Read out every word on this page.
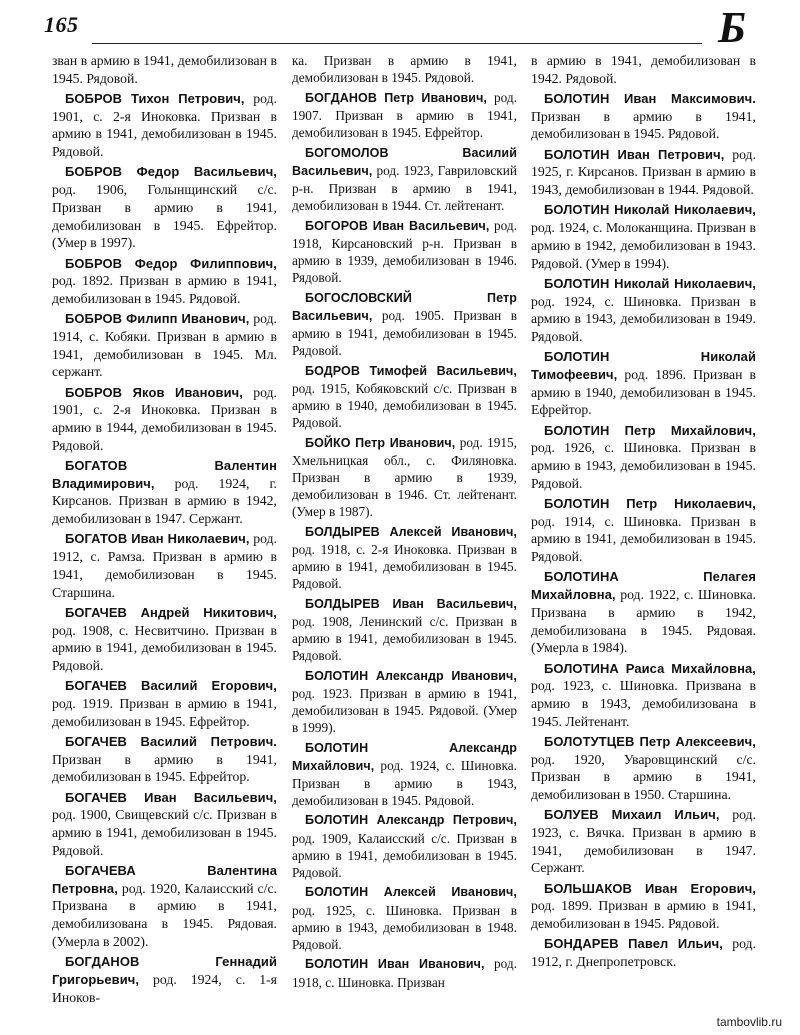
165	Б

зван в армию в 1941, демобилизован в 1945. Рядовой.

БОБРОВ Тихон Петрович, род. 1901, с. 2-я Иноковка. Призван в армию в 1941, демобилизован в 1945. Рядовой.

БОБРОВ Федор Васильевич, род. 1906, Голынщинский с/с. Призван в армию в 1941, демобилизован в 1945. Ефрейтор. (Умер в 1997).

БОБРОВ Федор Филиппович, род. 1892. Призван в армию в 1941, демобилизован в 1945. Рядовой.

БОБРОВ Филипп Иванович, род. 1914, с. Кобяки. Призван в армию в 1941, демобилизован в 1945. Мл. сержант.

БОБРОВ Яков Иванович, род. 1901, с. 2-я Иноковка. Призван в армию в 1944, демобилизован в 1945. Рядовой.

БОГАТОВ Валентин Владимирович, род. 1924, г. Кирсанов. Призван в армию в 1942, демобилизован в 1947. Сержант.

БОГАТОВ Иван Николаевич, род. 1912, с. Рамза. Призван в армию в 1941, демобилизован в 1945. Старшина.

БОГАЧЕВ Андрей Никитович, род. 1908, с. Несвитчино. Призван в армию в 1941, демобилизован в 1945. Рядовой.

БОГАЧЕВ Василий Егорович, род. 1919. Призван в армию в 1941, демобилизован в 1945. Ефрейтор.

БОГАЧЕВ Василий Петрович. Призван в армию в 1941, демобилизован в 1945. Ефрейтор.

БОГАЧЕВ Иван Васильевич, род. 1900, Свищевский с/с. Призван в армию в 1941, демобилизован в 1945. Рядовой.

БОГАЧЕВА Валентина Петровна, род. 1920, Калаисский с/с. Призвана в армию в 1941, демобилизована в 1945. Рядовая. (Умерла в 2002).

БОГДАНОВ Геннадий Григорьевич, род. 1924, с. 1-я Иноков-

ка. Призван в армию в 1941, демобилизован в 1945. Рядовой.

БОГДАНОВ Петр Иванович, род. 1907. Призван в армию в 1941, демобилизован в 1945. Ефрейтор.

БОГОМОЛОВ Василий Васильевич, род. 1923, Гавриловский р-н. Призван в армию в 1941, демобилизован в 1944. Ст. лейтенант.

БОГОРОВ Иван Васильевич, род. 1918, Кирсановский р-н. Призван в армию в 1939, демобилизован в 1946. Рядовой.

БОГОСЛОВСКИЙ Петр Васильевич, род. 1905. Призван в армию в 1941, демобилизован в 1945. Рядовой.

БОДРОВ Тимофей Васильевич, род. 1915, Кобяковский с/с. Призван в армию в 1940, демобилизован в 1945. Рядовой.

БОЙКО Петр Иванович, род. 1915, Хмельницкая обл., с. Филяновка. Призван в армию в 1939, демобилизован в 1946. Ст. лейтенант. (Умер в 1987).

БОЛДЫРЕВ Алексей Иванович, род. 1918, с. 2-я Иноковка. Призван в армию в 1941, демобилизован в 1945. Рядовой.

БОЛДЫРЕВ Иван Васильевич, род. 1908, Ленинский с/с. Призван в армию в 1941, демобилизован в 1945. Рядовой.

БОЛОТИН Александр Иванович, род. 1923. Призван в армию в 1941, демобилизован в 1945. Рядовой. (Умер в 1999).

БОЛОТИН Александр Михайлович, род. 1924, с. Шиновка. Призван в армию в 1943, демобилизован в 1945. Рядовой.

БОЛОТИН Александр Петрович, род. 1909, Калаисский с/с. Призван в армию в 1941, демобилизован в 1945. Рядовой.

БОЛОТИН Алексей Иванович, род. 1925, с. Шиновка. Призван в армию в 1943, демобилизован в 1948. Рядовой.

БОЛОТИН Иван Иванович, род. 1918, с. Шиновка. Призван

в армию в 1941, демобилизован в 1942. Рядовой.

БОЛОТИН Иван Максимович. Призван в армию в 1941, демобилизован в 1945. Рядовой.

БОЛОТИН Иван Петрович, род. 1925, г. Кирсанов. Призван в армию в 1943, демобилизован в 1944. Рядовой.

БОЛОТИН Николай Николаевич, род. 1924, с. Молоканщина. Призван в армию в 1942, демобилизован в 1943. Рядовой. (Умер в 1994).

БОЛОТИН Николай Николаевич, род. 1924, с. Шиновка. Призван в армию в 1943, демобилизован в 1949. Рядовой.

БОЛОТИН Николай Тимофеевич, род. 1896. Призван в армию в 1940, демобилизован в 1945. Ефрейтор.

БОЛОТИН Петр Михайлович, род. 1926, с. Шиновка. Призван в армию в 1943, демобилизован в 1945. Рядовой.

БОЛОТИН Петр Николаевич, род. 1914, с. Шиновка. Призван в армию в 1941, демобилизован в 1945. Рядовой.

БОЛОТИНА Пелагея Михайловна, род. 1922, с. Шиновка. Призвана в армию в 1942, демобилизована в 1945. Рядовая. (Умерла в 1984).

БОЛОТИНА Раиса Михайловна, род. 1923, с. Шиновка. Призвана в армию в 1943, демобилизована в 1945. Лейтенант.

БОЛОТУТЦЕВ Петр Алексеевич, род. 1920, Уваровщинский с/с. Призван в армию в 1941, демобилизован в 1950. Старшина.

БОЛУЕВ Михаил Ильич, род. 1923, с. Вячка. Призван в армию в 1941, демобилизован в 1947. Сержант.

БОЛЬШАКОВ Иван Егорович, род. 1899. Призван в армию в 1941, демобилизован в 1945. Рядовой.

БОНДАРЕВ Павел Ильич, род. 1912, г. Днепропетровск.

tambovlib.ru
